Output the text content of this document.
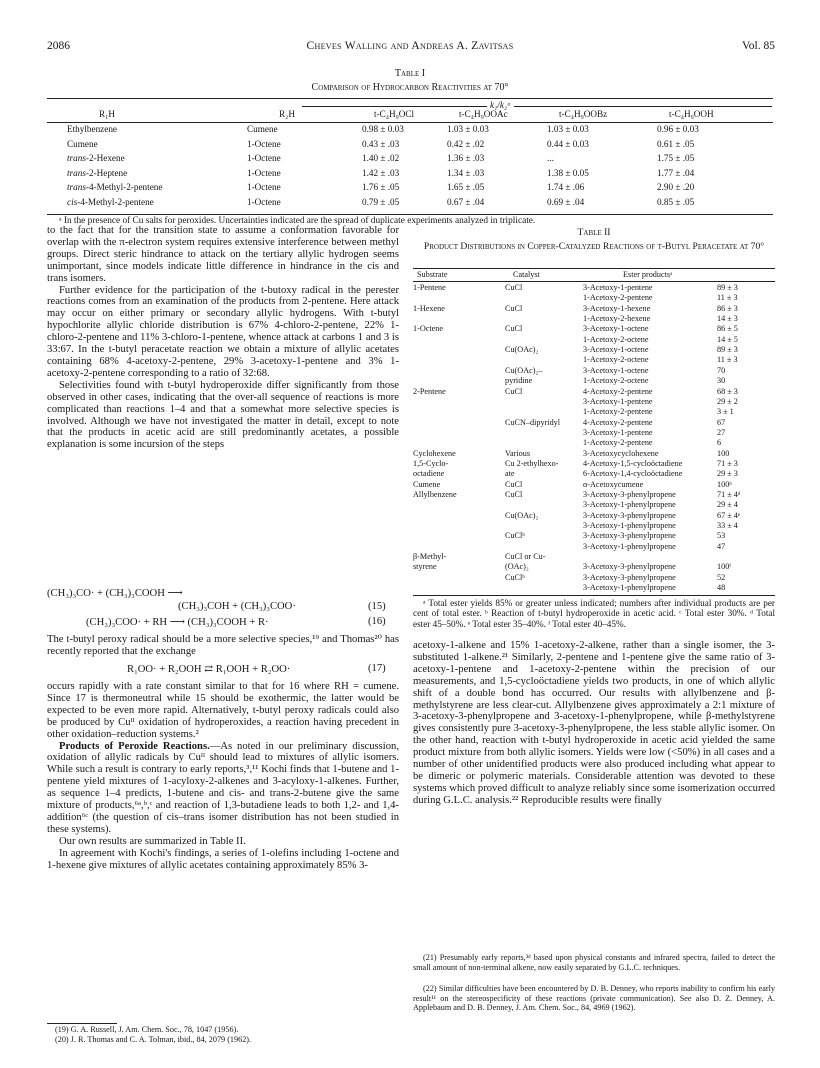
2086	Cheves Walling and Andreas A. Zavitsas	Vol. 85
Table I
Comparison of Hydrocarbon Reactivities at 70°
k₁/k₂ᵃ
R₁H	R₂H	t-C₄H₉OCl	t-C₄H₉OOAc	t-C₄H₉OOBz	t-C₄H₉OOH
Ethylbenzene	Cumene	0.98 ± 0.03	1.03 ± 0.03	1.03 ± 0.03	0.96 ± 0.03
Cumene	1-Octene	0.43 ± .03	0.42 ± .02	0.44 ± 0.03	0.61 ± .05
trans-2-Hexene	1-Octene	1.40 ± .02	1.36 ± .03	...	1.75 ± .05
trans-2-Heptene	1-Octene	1.42 ± .03	1.34 ± .03	1.38 ± 0.05	1.77 ± .04
trans-4-Methyl-2-pentene	1-Octene	1.76 ± .05	1.65 ± .05	1.74 ± .06	2.90 ± .20
cis-4-Methyl-2-pentene	1-Octene	0.79 ± .05	0.67 ± .04	0.69 ± .04	0.85 ± .05
ᵃ In the presence of Cu salts for peroxides. Uncertainties indicated are the spread of duplicate experiments analyzed in triplicate.

to the fact that for the transition state to assume a conformation favorable for overlap with the π-electron system requires extensive interference between methyl groups. Direct steric hindrance to attack on the tertiary allylic hydrogen seems unimportant, since models indicate little difference in hindrance in the cis and trans isomers.

Further evidence for the participation of the t-butoxy radical in the perester reactions comes from an examination of the products from 2-pentene. Here attack may occur on either primary or secondary allylic hydrogens. With t-butyl hypochlorite allylic chloride distribution is 67% 4-chloro-2-pentene, 22% 1-chloro-2-pentene and 11% 3-chloro-1-pentene, whence attack at carbons 1 and 3 is 33:67. In the t-butyl peracetate reaction we obtain a mixture of allylic acetates containing 68% 4-acetoxy-2-pentene, 29% 3-acetoxy-1-pentene and 3% 1-acetoxy-2-pentene corresponding to a ratio of 32:68.

Selectivities found with t-butyl hydroperoxide differ significantly from those observed in other cases, indicating that the over-all sequence of reactions is more complicated than reactions 1–4 and that a somewhat more selective species is involved. Although we have not investigated the matter in detail, except to note that the products in acetic acid are still predominantly acetates, a possible explanation is some incursion of the steps

(CH₃)₃CO· + (CH₃)₃COOH ⟶
(CH₃)₃COH + (CH₃)₃COO·	(15)
(CH₃)₃COO· + RH ⟶ (CH₃)₃COOH + R·	(16)

The t-butyl peroxy radical should be a more selective species,¹⁹ and Thomas²⁰ has recently reported that the exchange

R₁OO· + R₂OOH ⇄ R₁OOH + R₂OO·	(17)

occurs rapidly with a rate constant similar to that for 16 where RH = cumene. Since 17 is thermoneutral while 15 should be exothermic, the latter would be expected to be even more rapid. Alternatively, t-butyl peroxy radicals could also be produced by Cuᴵᴵ oxidation of hydroperoxides, a reaction having precedent in other oxidation–reduction systems.²

Products of Peroxide Reactions.—As noted in our preliminary discussion, oxidation of allylic radicals by Cuᴵᴵ should lead to mixtures of allylic isomers. While such a result is contrary to early reports,³,¹¹ Kochi finds that 1-butene and 1-pentene yield mixtures of 1-acyloxy-2-alkenes and 3-acyloxy-1-alkenes. Further, as sequence 1–4 predicts, 1-butene and cis- and trans-2-butene give the same mixture of products,⁶ᵃ,ᵇ,ᶜ and reaction of 1,3-butadiene leads to both 1,2- and 1,4-addition⁶ᶜ (the question of cis–trans isomer distribution has not been studied in these systems).

Our own results are summarized in Table II.

In agreement with Kochi's findings, a series of 1-olefins including 1-octene and 1-hexene give mixtures of allylic acetates containing approximately 85% 3-

(19) G. A. Russell, J. Am. Chem. Soc., 78, 1047 (1956).
(20) J. R. Thomas and C. A. Tolman, ibid., 84, 2079 (1962).
Table II
Product Distributions in Copper-Catalyzed Reactions of t-Butyl Peracetate at 70°
Substrate	Catalyst	Ester productsᵃ
1-Pentene	CuCl	3-Acetoxy-1-pentene	89 ± 3
1-Acetoxy-2-pentene	11 ± 3
1-Hexene	CuCl	3-Acetoxy-1-hexene	86 ± 3
1-Acetoxy-2-hexene	14 ± 3
1-Octene	CuCl	3-Acetoxy-1-octene	86 ± 5
1-Acetoxy-2-octene	14 ± 5
Cu(OAc)₂	3-Acetoxy-1-octene	89 ± 3
1-Acetoxy-2-octene	11 ± 3
Cu(OAc)₂–	3-Acetoxy-1-octene	70
pyridine	1-Acetoxy-2-octene	30
2-Pentene	CuCl	4-Acetoxy-2-pentene	68 ± 3
3-Acetoxy-1-pentene	29 ± 2
1-Acetoxy-2-pentene	3 ± 1
CuCN–dipyridyl	4-Acetoxy-2-pentene	67
3-Acetoxy-1-pentene	27
1-Acetoxy-2-pentene	6
Cyclohexene	Various	3-Acetoxycyclohexene	100
1,5-Cyclo-	Cu 2-ethylhexo-	4-Acetoxy-1,5-cycloöctadiene	71 ± 3
octadiene	ate	6-Acetoxy-1,4-cycloöctadiene	29 ± 3
Cumene	CuCl	α-Acetoxycumene	100ᵇ
Allylbenzene	CuCl	3-Acetoxy-3-phenylpropene	71 ± 4ᵈ
3-Acetoxy-1-phenylpropene	29 ± 4
Cu(OAc)₂	3-Acetoxy-3-phenylpropene	67 ± 4ᵉ
3-Acetoxy-1-phenylpropene	33 ± 4
CuClᵇ	3-Acetoxy-3-phenylpropene	53
3-Acetoxy-1-phenylpropene	47
β-Methyl-	CuCl or Cu-
styrene	(OAc)₂	3-Acetoxy-3-phenylpropene	100ᶠ
CuClᵇ	3-Acetoxy-3-phenylpropene	52
3-Acetoxy-1-phenylpropene	48
ᵃ Total ester yields 85% or greater unless indicated; numbers after individual products are per cent of total ester. ᵇ Reaction of t-butyl hydroperoxide in acetic acid. ᶜ Total ester 30%. ᵈ Total ester 45–50%. ᵉ Total ester 35–40%. ᶠ Total ester 40–45%.

acetoxy-1-alkene and 15% 1-acetoxy-2-alkene, rather than a single isomer, the 3-substituted 1-alkene.²¹ Similarly, 2-pentene and 1-pentene give the same ratio of 3-acetoxy-1-pentene and 1-acetoxy-2-pentene within the precision of our measurements, and 1,5-cycloöctadiene yields two products, in one of which allylic shift of a double bond has occurred. Our results with allylbenzene and β-methylstyrene are less clear-cut. Allylbenzene gives approximately a 2:1 mixture of 3-acetoxy-3-phenylpropene and 3-acetoxy-1-phenylpropene, while β-methylstyrene gives consistently pure 3-acetoxy-3-phenylpropene, the less stable allylic isomer. On the other hand, reaction with t-butyl hydroperoxide in acetic acid yielded the same product mixture from both allylic isomers. Yields were low (<50%) in all cases and a number of other unidentified products were also produced including what appear to be dimeric or polymeric materials. Considerable attention was devoted to these systems which proved difficult to analyze reliably since some isomerization occurred during G.L.C. analysis.²² Reproducible results were finally

(21) Presumably early reports,³ᵈ based upon physical constants and infrared spectra, failed to detect the small amount of non-terminal alkene, now easily separated by G.L.C. techniques.
(22) Similar difficulties have been encountered by D. B. Denney, who reports inability to confirm his early result¹¹ on the stereospecificity of these reactions (private communication). See also D. Z. Denney, A. Applebaum and D. B. Denney, J. Am. Chem. Soc., 84, 4969 (1962).
